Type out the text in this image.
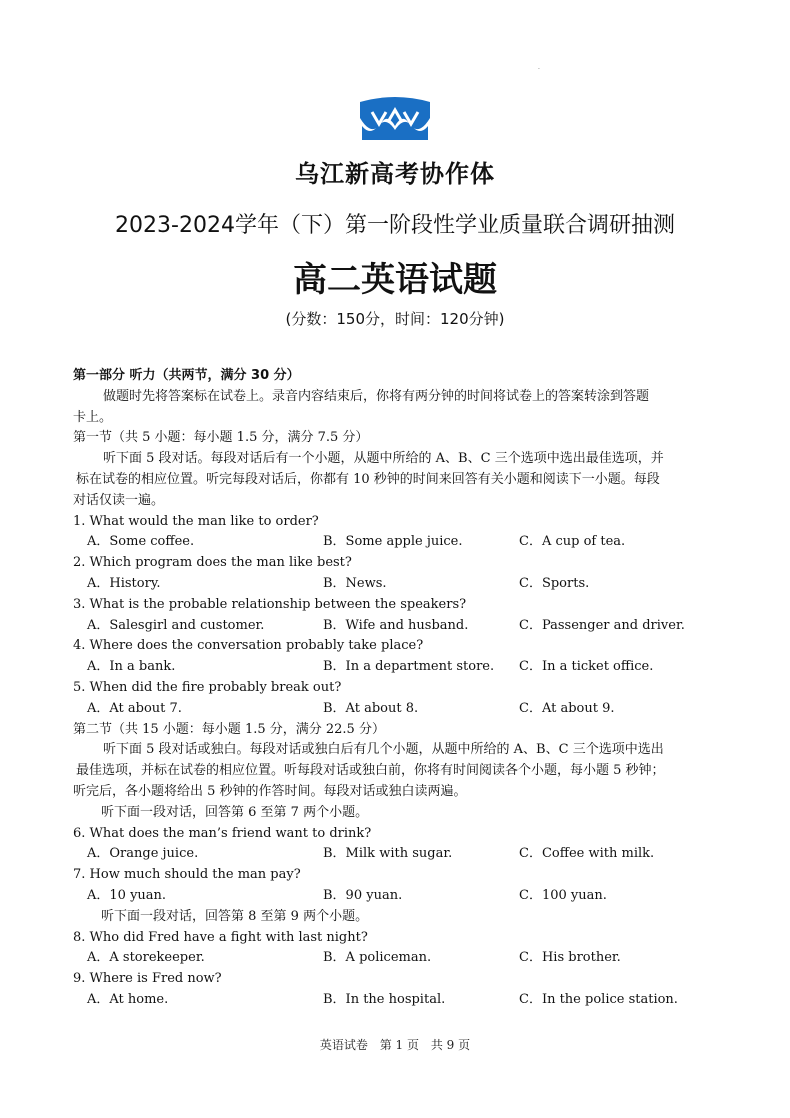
·
乌江新高考协作体
2023-2024学年（下）第一阶段性学业质量联合调研抽测
高二英语试题
(分数：150分，时间：120分钟)
第一部分 听力（共两节，满分 30 分）
做题时先将答案标在试卷上。录音内容结束后，你将有两分钟的时间将试卷上的答案转涂到答题
卡上。
第一节（共 5 小题：每小题 1.5 分，满分 7.5 分）
听下面 5 段对话。每段对话后有一个小题，从题中所给的 A、B、C 三个选项中选出最佳选项，并
标在试卷的相应位置。听完每段对话后，你都有 10 秒钟的时间来回答有关小题和阅读下一小题。每段
对话仅读一遍。
1. What would the man like to order?
A．Some coffee.	B．Some apple juice.	C．A cup of tea.
2. Which program does the man like best?
A．History.	B．News.	C．Sports.
3. What is the probable relationship between the speakers?
A．Salesgirl and customer.	B．Wife and husband.	C．Passenger and driver.
4. Where does the conversation probably take place?
A．In a bank.	B．In a department store. C．In a ticket office.
5. When did the fire probably break out?
A．At about 7.	B．At about 8.	C．At about 9.
第二节（共 15 小题：每小题 1.5 分，满分 22.5 分）
听下面 5 段对话或独白。每段对话或独白后有几个小题，从题中所给的 A、B、C 三个选项中选出
最佳选项，并标在试卷的相应位置。听每段对话或独白前，你将有时间阅读各个小题，每小题 5 秒钟；
听完后，各小题将给出 5 秒钟的作答时间。每段对话或独白读两遍。
听下面一段对话，回答第 6 至第 7 两个小题。
6. What does the man’s friend want to drink?
A．Orange juice.	B．Milk with sugar.	C．Coffee with milk.
7. How much should the man pay?
A．10 yuan.	B．90 yuan.	C．100 yuan.
听下面一段对话，回答第 8 至第 9 两个小题。
8. Who did Fred have a fight with last night?
A．A storekeeper.	B．A policeman.	C．His brother.
9. Where is Fred now?
A．At home.	B．In the hospital.	C．In the police station.
英语试卷 第 1 页 共 9 页
